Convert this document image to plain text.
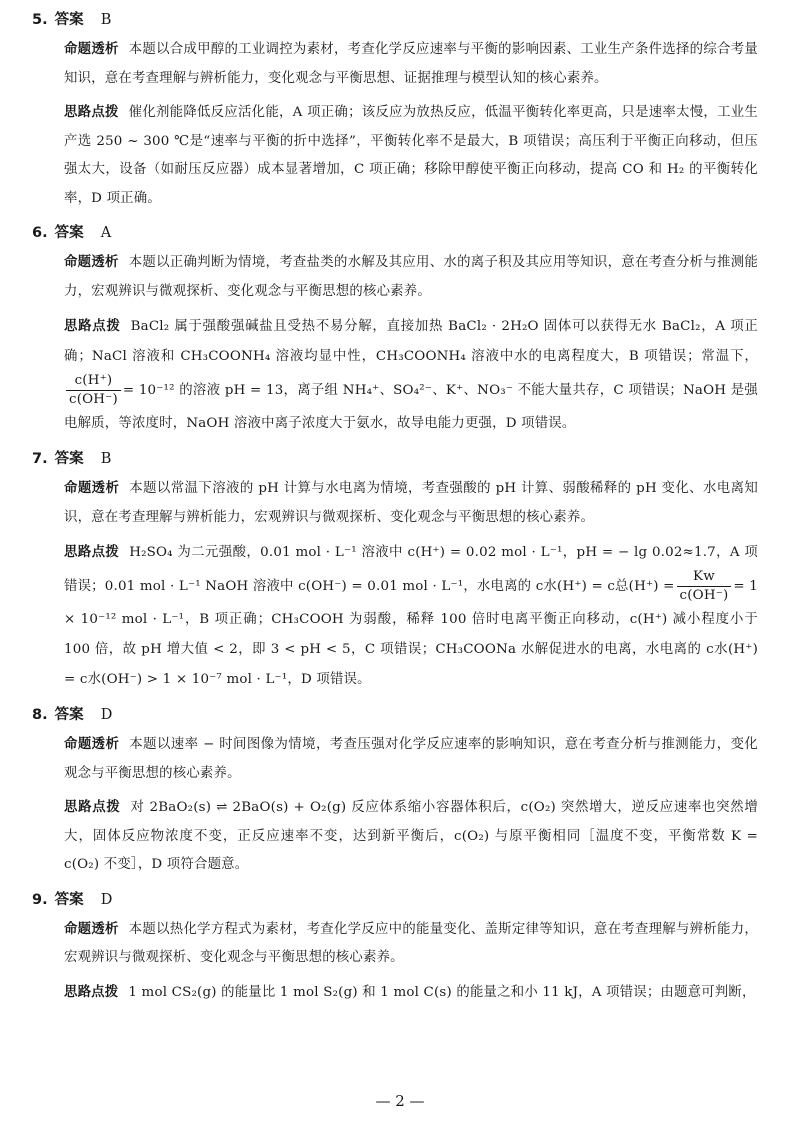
5. 答案 B
命题透析 本题以合成甲醇的工业调控为素材，考查化学反应速率与平衡的影响因素、工业生产条件选择的综合考量知识，意在考查理解与辨析能力，变化观念与平衡思想、证据推理与模型认知的核心素养。
思路点拨 催化剂能降低反应活化能，A 项正确；该反应为放热反应，低温平衡转化率更高，只是速率太慢，工业生产选 250 ~ 300 ℃是“速率与平衡的折中选择”，平衡转化率不是最大，B 项错误；高压利于平衡正向移动，但压强太大，设备（如耐压反应器）成本显著增加，C 项正确；移除甲醇使平衡正向移动，提高 CO 和 H₂ 的平衡转化率，D 项正确。
6. 答案 A
命题透析 本题以正确判断为情境，考查盐类的水解及其应用、水的离子积及其应用等知识，意在考查分析与推测能力，宏观辨识与微观探析、变化观念与平衡思想的核心素养。
思路点拨 BaCl₂ 属于强酸强碱盐且受热不易分解，直接加热 BaCl₂ · 2H₂O 固体可以获得无水 BaCl₂，A 项正确；NaCl 溶液和 CH₃COONH₄ 溶液均显中性，CH₃COONH₄ 溶液中水的电离程度大，B 项错误；常温下，
$\frac{c(H^+)}{c(OH^-)} = 10^{-12}$ 的溶液 pH = 13，离子组 NH₄⁺、SO₄²⁻、K⁺、NO₃⁻ 不能大量共存，C 项错误；NaOH 是强电解质，等浓度时，NaOH 溶液中离子浓度大于氨水，故导电能力更强，D 项错误。
7. 答案 B
命题透析 本题以常温下溶液的 pH 计算与水电离为情境，考查强酸的 pH 计算、弱酸稀释的 pH 变化、水电离知识，意在考查理解与辨析能力，宏观辨识与微观探析、变化观念与平衡思想的核心素养。
思路点拨 H₂SO₄ 为二元强酸，0.01 mol · L⁻¹ 溶液中 c(H⁺) = 0.02 mol · L⁻¹，pH = − lg 0.02≈1.7，A 项错误；0.01 mol · L⁻¹ NaOH 溶液中 c(OH⁻) = 0.01 mol · L⁻¹，水电离的 c水(H⁺) = c总$(H^+) = \frac{Kw}{c(OH^-)} = 1 \times 10^{-12}$ mol · L⁻¹，B 项正确；CH₃COOH 为弱酸，稀释 100 倍时电离平衡正向移动，c(H⁺) 减小程度小于 100 倍，故 pH 增大值 < 2，即 3 < pH < 5，C 项错误；CH₃COONa 水解促进水的电离，水电离的 c水(H⁺) = c水(OH⁻) > 1 × 10⁻⁷ mol · L⁻¹，D 项错误。
8. 答案 D
命题透析 本题以速率 − 时间图像为情境，考查压强对化学反应速率的影响知识，意在考查分析与推测能力，变化观念与平衡思想的核心素养。
思路点拨 对 2BaO₂(s) ⇌ 2BaO(s) + O₂(g) 反应体系缩小容器体积后，c(O₂) 突然增大，逆反应速率也突然增大，固体反应物浓度不变，正反应速率不变，达到新平衡后，c(O₂) 与原平衡相同［温度不变，平衡常数 K = c(O₂) 不变］，D 项符合题意。
9. 答案 D
命题透析 本题以热化学方程式为素材，考查化学反应中的能量变化、盖斯定律等知识，意在考查理解与辨析能力，宏观辨识与微观探析、变化观念与平衡思想的核心素养。
思路点拨 1 mol CS₂(g) 的能量比 1 mol S₂(g) 和 1 mol C(s) 的能量之和小 11 kJ，A 项错误；由题意可判断，
— 2 —
